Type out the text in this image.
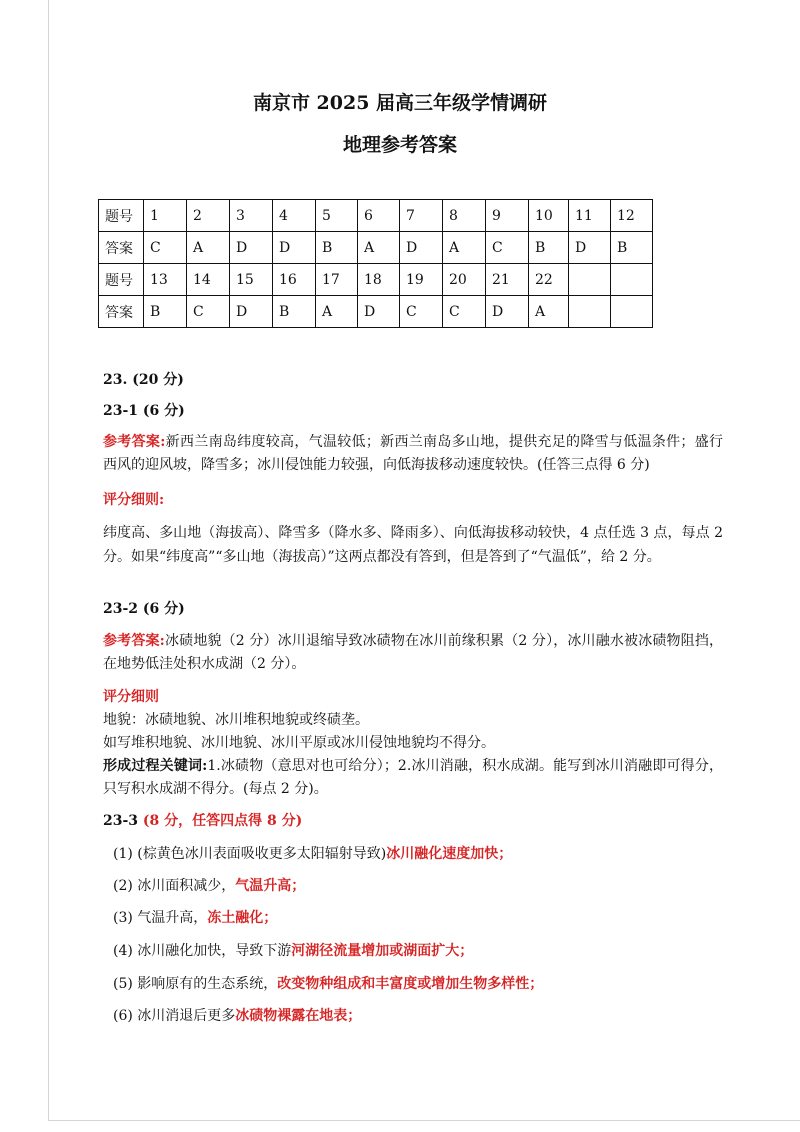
南京市 2025 届高三年级学情调研
地理参考答案
题号	1	2	3	4	5	6	7	8	9	10	11	12
答案	C	A	D	D	B	A	D	A	C	B	D	B
题号	13	14	15	16	17	18	19	20	21	22		
答案	B	C	D	B	A	D	C	C	D	A		
23. (20 分)
23-1 (6 分)
参考答案:新西兰南岛纬度较高，气温较低；新西兰南岛多山地，提供充足的降雪与低温条件；盛行西风的迎风坡，降雪多；冰川侵蚀能力较强，向低海拔移动速度较快。(任答三点得 6 分)
评分细则:
纬度高、多山地（海拔高）、降雪多（降水多、降雨多）、向低海拔移动较快，4 点任选 3 点，每点 2 分。如果“纬度高”“多山地（海拔高）”这两点都没有答到，但是答到了“气温低”，给 2 分。
23-2 (6 分)
参考答案:冰碛地貌（2 分）冰川退缩导致冰碛物在冰川前缘积累（2 分），冰川融水被冰碛物阻挡，在地势低洼处积水成湖（2 分）。
评分细则
地貌：冰碛地貌、冰川堆积地貌或终碛垄。
如写堆积地貌、冰川地貌、冰川平原或冰川侵蚀地貌均不得分。
形成过程关键词:1.冰碛物（意思对也可给分）；2.冰川消融，积水成湖。能写到冰川消融即可得分，只写积水成湖不得分。(每点 2 分)。
23-3 (8 分，任答四点得 8 分)
(1) (棕黄色冰川表面吸收更多太阳辐射导致)冰川融化速度加快；
(2) 冰川面积减少，气温升高；
(3) 气温升高，冻土融化；
(4) 冰川融化加快，导致下游河湖径流量增加或湖面扩大；
(5) 影响原有的生态系统，改变物种组成和丰富度或增加生物多样性；
(6) 冰川消退后更多冰碛物裸露在地表；
